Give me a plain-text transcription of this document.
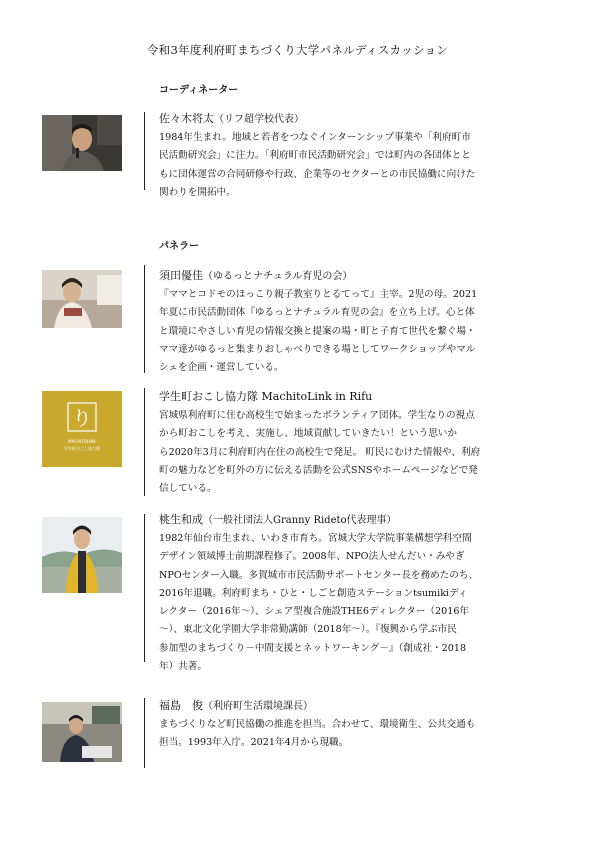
令和3年度利府町まちづくり大学パネルディスカッション
コーディネーター
佐々木将太（リフ超学校代表）
1984年生まれ。地域と若者をつなぐインターンシップ事業や「利府町市
民活動研究会」に注力。「利府町市民活動研究会」では町内の各団体とと
もに団体運営の合同研修や行政、企業等のセクターとの市民協働に向けた
関わりを開拓中。
パネラー
須田優佳（ゆるっとナチュラル育児の会）
『ママとコドモのほっこり親子教室りとるてって』主宰。2児の母。2021
年夏に市民活動団体『ゆるっとナチュラル育児の会』を立ち上げ。心と体
と環境にやさしい育児の情報交換と提案の場・町と子育て世代を繋ぐ場・
ママ達がゆるっと集まりおしゃべりできる場としてワークショップやマル
シェを企画・運営している。
り
MACHITOLINK
学生町おこし協力隊
学生町おこし協力隊 MachitoLink in Rifu
宮城県利府町に住む高校生で始まったボランティア団体。学生なりの視点
から町おこしを考え、実施し、地域貢献していきたい！という思いか
ら2020年3月に利府町内在住の高校生で発足。 町民にむけた情報や、利府
町の魅力などを町外の方に伝える活動を公式SNSやホームページなどで発
信している。
桃生和成（一般社団法人Granny Rideto代表理事）
1982年仙台市生まれ、いわき市育ち。宮城大学大学院事業構想学科空間
デザイン領域博士前期課程修了。2008年、NPO法人せんだい・みやぎ
NPOセンター入職。多賀城市市民活動サポートセンター長を務めたのち、
2016年退職。利府町まち・ひと・しごと創造ステーションtsumikiディ
レクター（2016年〜）、シェア型複合施設THE6ディレクター（2016年
〜）、東北文化学園大学非常勤講師（2018年〜）。『復興から学ぶ市民
参加型のまちづくり－中間支援とネットワーキング－』（創成社・2018
年）共著。
福島　俊（利府町生活環境課長）
まちづくりなど町民協働の推進を担当。合わせて、環境衛生、公共交通も
担当。1993年入庁。2021年4月から現職。
